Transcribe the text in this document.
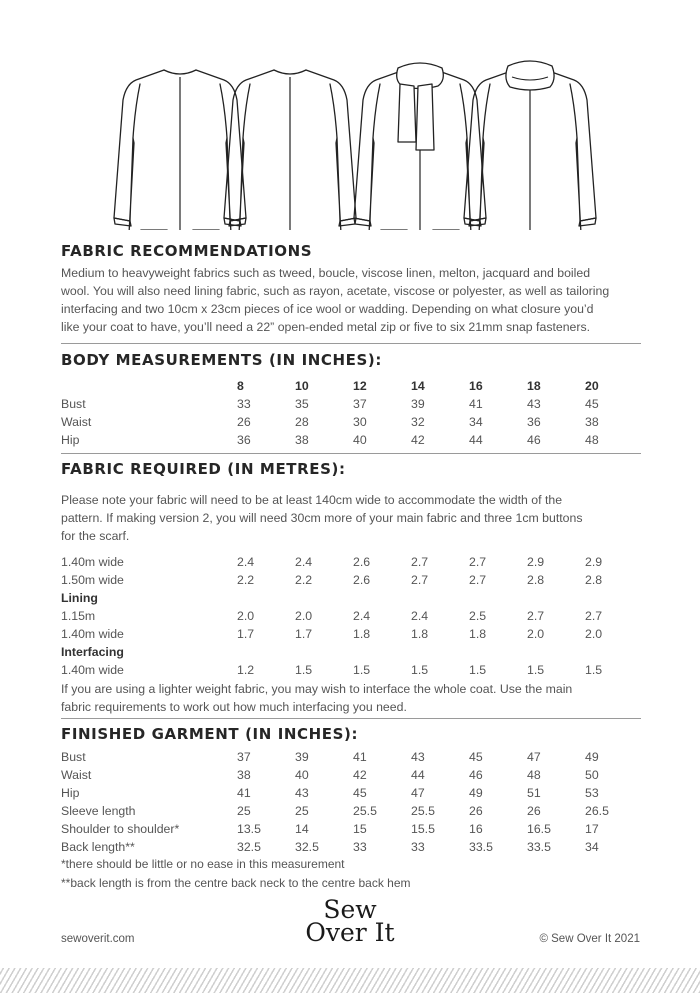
FABRIC RECOMMENDATIONS
Medium to heavyweight fabrics such as tweed, boucle, viscose linen, melton, jacquard and boiled
wool. You will also need lining fabric, such as rayon, acetate, viscose or polyester, as well as tailoring
interfacing and two 10cm x 23cm pieces of ice wool or wadding. Depending on what closure you’d
like your coat to have, you’ll need a 22” open-ended metal zip or five to six 21mm snap fasteners.
BODY MEASUREMENTS (IN INCHES):
	8	10	12	14	16	18	20
Bust	33	35	37	39	41	43	45
Waist	26	28	30	32	34	36	38
Hip	36	38	40	42	44	46	48
FABRIC REQUIRED (IN METRES):
Please note your fabric will need to be at least 140cm wide to accommodate the width of the
pattern. If making version 2, you will need 30cm more of your main fabric and three 1cm buttons
for the scarf.
1.40m wide	2.4	2.4	2.6	2.7	2.7	2.9	2.9
1.50m wide	2.2	2.2	2.6	2.7	2.7	2.8	2.8
Lining							
1.15m	2.0	2.0	2.4	2.4	2.5	2.7	2.7
1.40m wide	1.7	1.7	1.8	1.8	1.8	2.0	2.0
Interfacing							
1.40m wide	1.2	1.5	1.5	1.5	1.5	1.5	1.5
If you are using a lighter weight fabric, you may wish to interface the whole coat. Use the main
fabric requirements to work out how much interfacing you need.
FINISHED GARMENT (IN INCHES):
Bust	37	39	41	43	45	47	49
Waist	38	40	42	44	46	48	50
Hip	41	43	45	47	49	51	53
Sleeve length	25	25	25.5	25.5	26	26	26.5
Shoulder to shoulder*	13.5	14	15	15.5	16	16.5	17
Back length**	32.5	32.5	33	33	33.5	33.5	34
*there should be little or no ease in this measurement
**back length is from the centre back neck to the centre back hem
sewoverit.com
Sew
Over It	© Sew Over It 2021
